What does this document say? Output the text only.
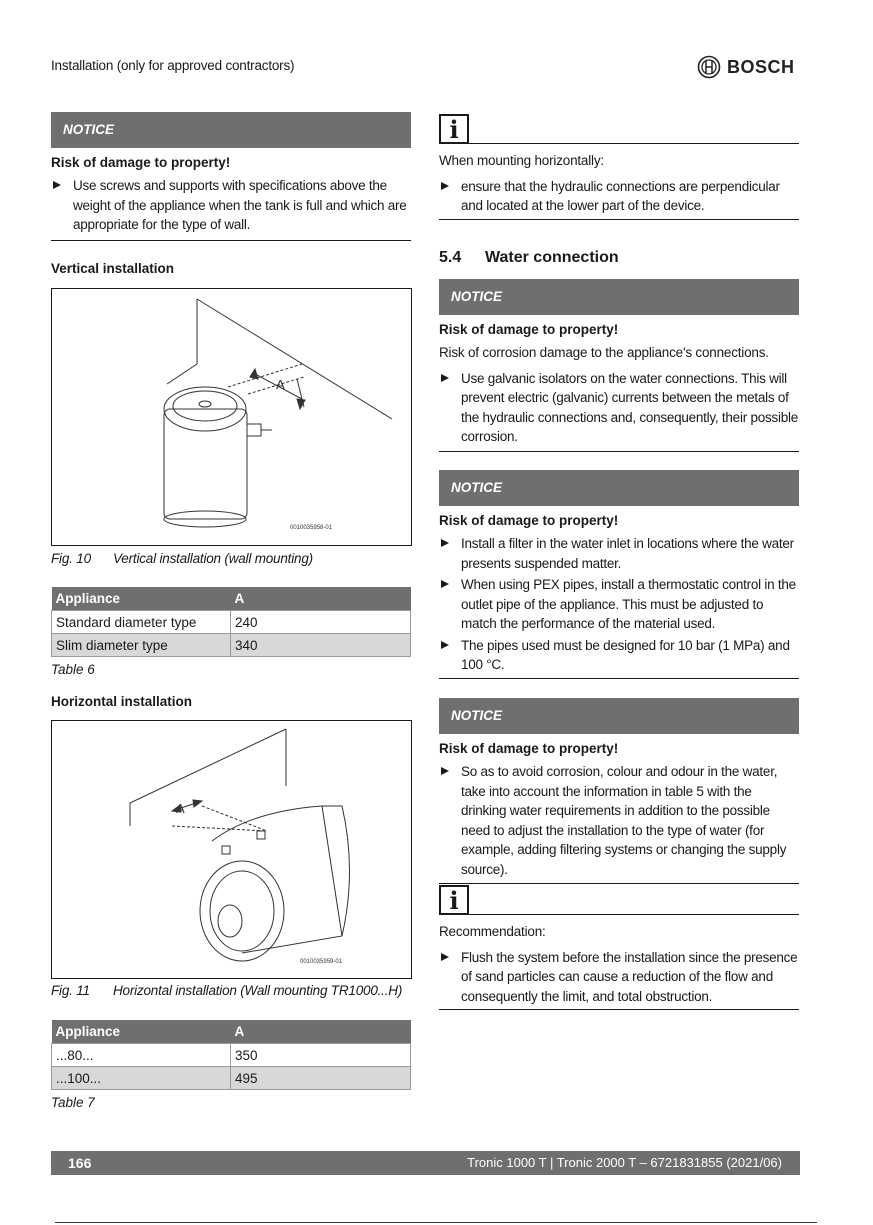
Installation (only for approved contractors)	BOSCH
NOTICE
Risk of damage to property!
Use screws and supports with specifications above the weight of the appliance when the tank is full and which are appropriate for the type of wall.
Vertical installation
A
0010035958-01
Fig. 10 Vertical installation (wall mounting)
Appliance	A
Standard diameter type	240
Slim diameter type	340
Table 6
Horizontal installation
A
0010035959-01
Fig. 11 Horizontal installation (Wall mounting TR1000...H)
Appliance	A
...80...	350
...100...	495
Table 7
i
When mounting horizontally:
ensure that the hydraulic connections are perpendicular and located at the lower part of the device.
5.4 Water connection
NOTICE
Risk of damage to property!
Risk of corrosion damage to the appliance's connections.
Use galvanic isolators on the water connections. This will prevent electric (galvanic) currents between the metals of the hydraulic connections and, consequently, their possible corrosion.
NOTICE
Risk of damage to property!
Install a filter in the water inlet in locations where the water presents suspended matter.
When using PEX pipes, install a thermostatic control in the outlet pipe of the appliance. This must be adjusted to match the performance of the material used.
The pipes used must be designed for 10 bar (1 MPa) and 100 °C.
NOTICE
Risk of damage to property!
So as to avoid corrosion, colour and odour in the water, take into account the information in table 5 with the drinking water requirements in addition to the possible need to adjust the installation to the type of water (for example, adding filtering systems or changing the supply source).
i
Recommendation:
Flush the system before the installation since the presence of sand particles can cause a reduction of the flow and consequently the limit, and total obstruction.
166	Tronic 1000 T | Tronic 2000 T – 6721831855 (2021/06)
